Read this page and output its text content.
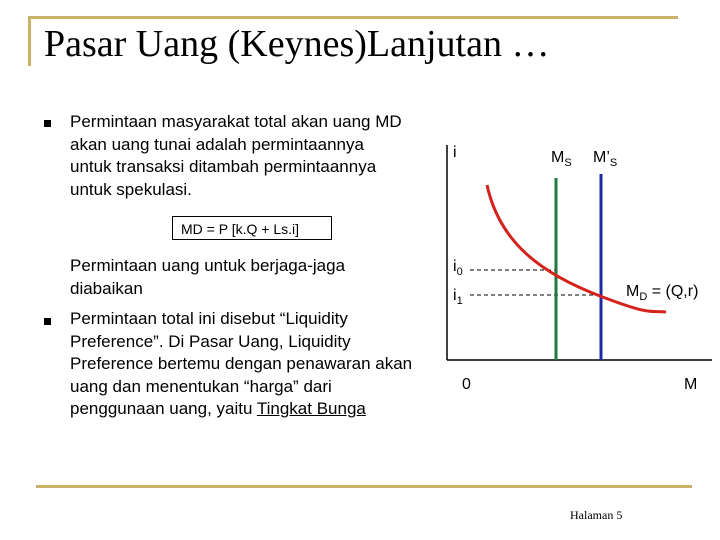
Pasar Uang (Keynes)Lanjutan …
Permintaan masyarakat total akan uang MD akan uang tunai adalah permintaannya untuk transaksi ditambah permintaannya untuk spekulasi.
MD = P [k.Q + Ls.i]
Permintaan uang untuk berjaga-jaga diabaikan
Permintaan total ini disebut “Liquidity Preference”. Di Pasar Uang, Liquidity Preference bertemu dengan penawaran akan uang dan menentukan “harga” dari penggunaan uang, yaitu Tingkat Bunga
i	$M_S$ $M’_S$
$i_0$
$i_1$
$M_D = (Q,r)$
0	M
Halaman 5
